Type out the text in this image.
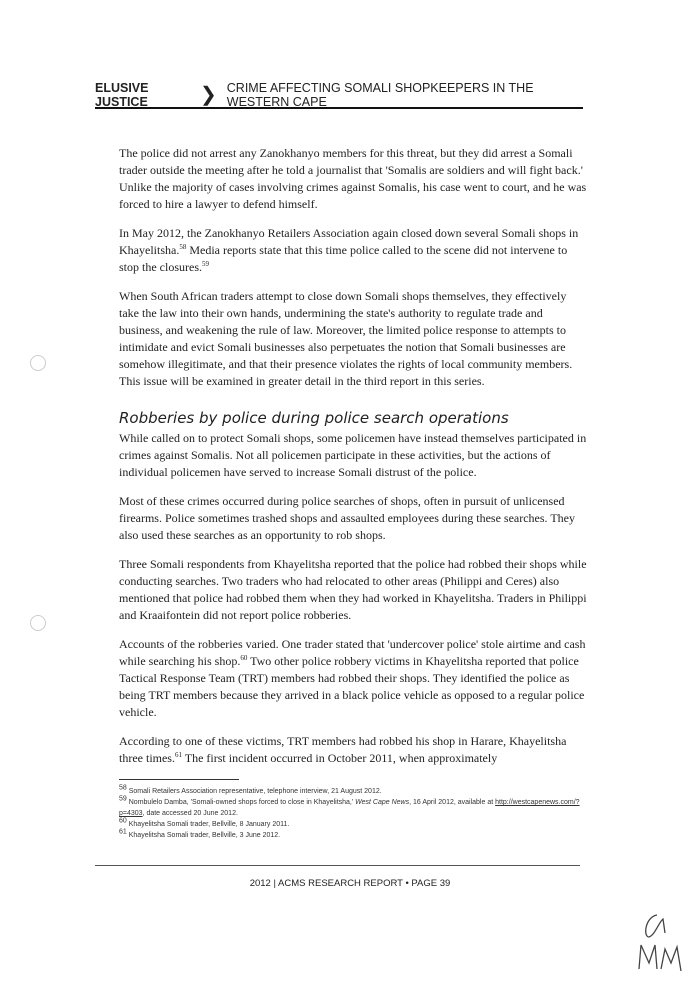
ELUSIVE JUSTICE	❯ CRIME AFFECTING SOMALI SHOPKEEPERS IN THE WESTERN CAPE

The police did not arrest any Zanokhanyo members for this threat, but they did arrest a Somali trader outside the meeting after he told a journalist that 'Somalis are soldiers and will fight back.' Unlike the majority of cases involving crimes against Somalis, his case went to court, and he was forced to hire a lawyer to defend himself.

In May 2012, the Zanokhanyo Retailers Association again closed down several Somali shops in Khayelitsha.$^{58}$ Media reports state that this time police called to the scene did not intervene to stop the closures.$^{59}$

When South African traders attempt to close down Somali shops themselves, they effectively take the law into their own hands, undermining the state's authority to regulate trade and business, and weakening the rule of law. Moreover, the limited police response to attempts to intimidate and evict Somali businesses also perpetuates the notion that Somali businesses are somehow illegitimate, and that their presence violates the rights of local community members. This issue will be examined in greater detail in the third report in this series.

Robberies by police during police search operations

While called on to protect Somali shops, some policemen have instead themselves participated in crimes against Somalis. Not all policemen participate in these activities, but the actions of individual policemen have served to increase Somali distrust of the police.

Most of these crimes occurred during police searches of shops, often in pursuit of unlicensed firearms. Police sometimes trashed shops and assaulted employees during these searches. They also used these searches as an opportunity to rob shops.

Three Somali respondents from Khayelitsha reported that the police had robbed their shops while conducting searches. Two traders who had relocated to other areas (Philippi and Ceres) also mentioned that police had robbed them when they had worked in Khayelitsha. Traders in Philippi and Kraaifontein did not report police robberies.

Accounts of the robberies varied. One trader stated that 'undercover police' stole airtime and cash while searching his shop.$^{60}$ Two other police robbery victims in Khayelitsha reported that police Tactical Response Team (TRT) members had robbed their shops. They identified the police as being TRT members because they arrived in a black police vehicle as opposed to a regular police vehicle.

According to one of these victims, TRT members had robbed his shop in Harare, Khayelitsha three times.$^{61}$ The first incident occurred in October 2011, when approximately

$^{58}$ Somali Retailers Association representative, telephone interview, 21 August 2012.
$^{59}$ Nombulelo Damba, 'Somali-owned shops forced to close in Khayelitsha,' West Cape News, 16 April 2012, available at http://westcapenews.com/?p=4303, date accessed 20 June 2012.
$^{60}$ Khayelitsha Somali trader, Bellville, 8 January 2011.
$^{61}$ Khayelitsha Somali trader, Bellville, 3 June 2012.
2012 | ACMS RESEARCH REPORT • PAGE 39
